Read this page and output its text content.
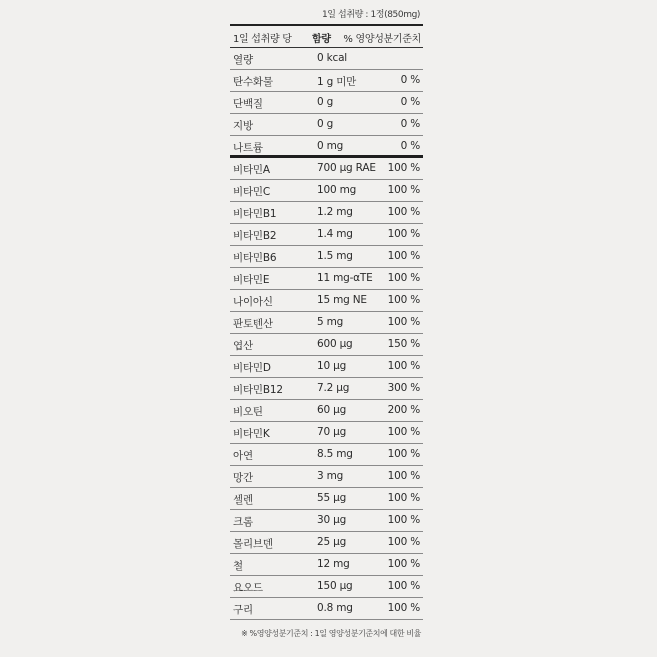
1일 섭취량 : 1정(850mg)
1일 섭취량 당 함량 % 영양성분기준치
열량	0 kcal
탄수화물	1 g 미만	0 %
단백질	0 g	0 %
지방	0 g	0 %
나트륨	0 mg	0 %
비타민A	700 μg RAE 100 %
비타민C	100 mg	100 %
비타민B1	1.2 mg	100 %
비타민B2	1.4 mg	100 %
비타민B6	1.5 mg	100 %
비타민E	11 mg-αTE 100 %
나이아신	15 mg NE 100 %
판토텐산	5 mg	100 %
엽산	600 μg	150 %
비타민D	10 μg	100 %
비타민B12	7.2 μg	300 %
비오틴	60 μg	200 %
비타민K	70 μg	100 %
아연	8.5 mg	100 %
망간	3 mg	100 %
셀렌	55 μg	100 %
크롬	30 μg	100 %
몰리브덴	25 μg	100 %
철	12 mg	100 %
요오드	150 μg	100 %
구리	0.8 mg	100 %
※ %영양성분기준치 : 1일 영양성분기준치에 대한 비율
